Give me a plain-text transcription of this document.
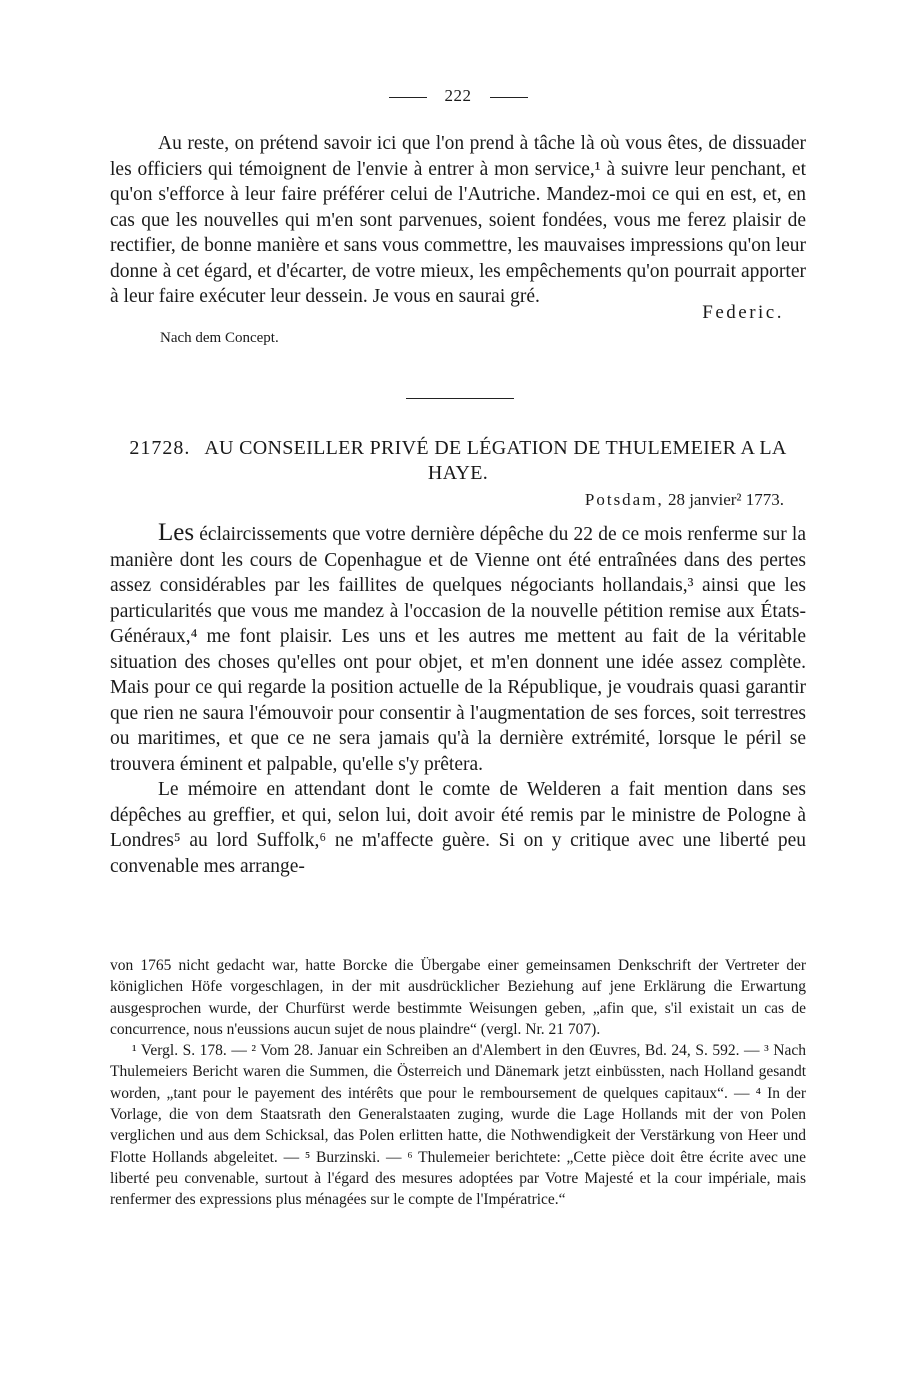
222

Au reste, on prétend savoir ici que l'on prend à tâche là où vous êtes, de dissuader les officiers qui témoignent de l'envie à entrer à mon service,¹ à suivre leur penchant, et qu'on s'efforce à leur faire préférer celui de l'Autriche. Mandez-moi ce qui en est, et, en cas que les nouvelles qui m'en sont parvenues, soient fondées, vous me ferez plaisir de rectifier, de bonne manière et sans vous commettre, les mauvaises impressions qu'on leur donne à cet égard, et d'écarter, de votre mieux, les empêchements qu'on pourrait apporter à leur faire exécuter leur dessein. Je vous en saurai gré.

Federic.
Nach dem Concept.
21728. AU CONSEILLER PRIVÉ DE LÉGATION DE THULEMEIER A LA HAYE.
Potsdam, 28 janvier² 1773.

Les éclaircissements que votre dernière dépêche du 22 de ce mois renferme sur la manière dont les cours de Copenhague et de Vienne ont été entraînées dans des pertes assez considérables par les faillites de quelques négociants hollandais,³ ainsi que les particularités que vous me mandez à l'occasion de la nouvelle pétition remise aux États-Généraux,⁴ me font plaisir. Les uns et les autres me mettent au fait de la véritable situation des choses qu'elles ont pour objet, et m'en donnent une idée assez complète. Mais pour ce qui regarde la position actuelle de la République, je voudrais quasi garantir que rien ne saura l'émouvoir pour consentir à l'augmentation de ses forces, soit terrestres ou maritimes, et que ce ne sera jamais qu'à la dernière extrémité, lorsque le péril se trouvera éminent et palpable, qu'elle s'y prêtera.

Le mémoire en attendant dont le comte de Welderen a fait mention dans ses dépêches au greffier, et qui, selon lui, doit avoir été remis par le ministre de Pologne à Londres⁵ au lord Suffolk,⁶ ne m'affecte guère. Si on y critique avec une liberté peu convenable mes arrange-

von 1765 nicht gedacht war, hatte Borcke die Übergabe einer gemeinsamen Denkschrift der Vertreter der königlichen Höfe vorgeschlagen, in der mit ausdrücklicher Beziehung auf jene Erklärung die Erwartung ausgesprochen wurde, der Churfürst werde bestimmte Weisungen geben, „afin que, s'il existait un cas de concurrence, nous n'eussions aucun sujet de nous plaindre“ (vergl. Nr. 21 707).

¹ Vergl. S. 178. — ² Vom 28. Januar ein Schreiben an d'Alembert in den Œuvres, Bd. 24, S. 592. — ³ Nach Thulemeiers Bericht waren die Summen, die Österreich und Dänemark jetzt einbüssten, nach Holland gesandt worden, „tant pour le payement des intérêts que pour le remboursement de quelques capitaux“. — ⁴ In der Vorlage, die von dem Staatsrath den Generalstaaten zuging, wurde die Lage Hollands mit der von Polen verglichen und aus dem Schicksal, das Polen erlitten hatte, die Nothwendigkeit der Verstärkung von Heer und Flotte Hollands abgeleitet. — ⁵ Burzinski. — ⁶ Thulemeier berichtete: „Cette pièce doit être écrite avec une liberté peu convenable, surtout à l'égard des mesures adoptées par Votre Majesté et la cour impériale, mais renfermer des expressions plus ménagées sur le compte de l'Impératrice.“
